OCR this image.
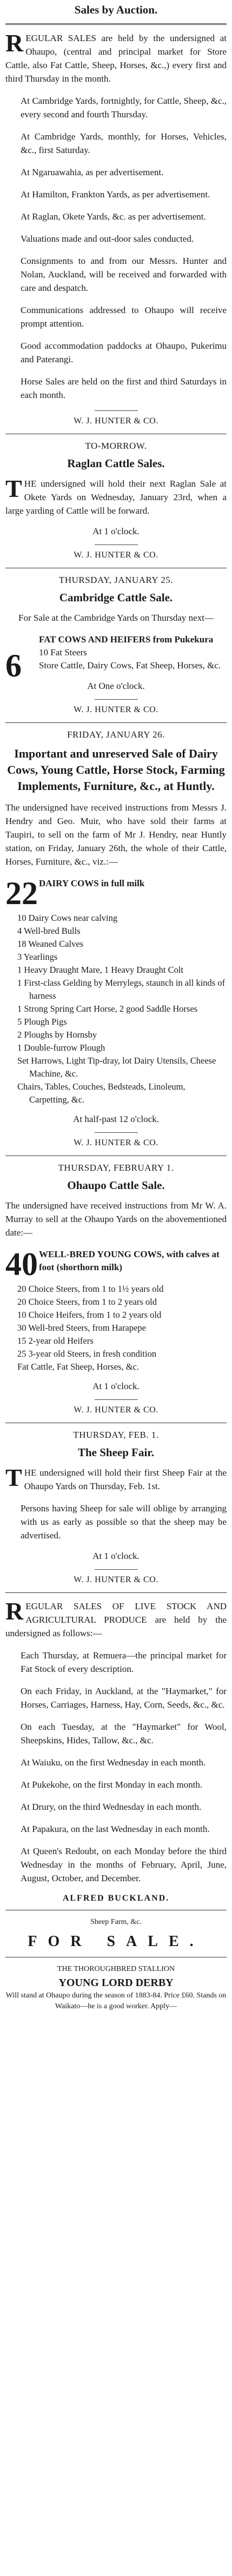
Sales by Auction.

REGULAR SALES are held by the undersigned at Ohaupo, (central and principal market for Store Cattle, also Fat Cattle, Sheep, Horses, &c.,) every first and third Thursday in the month.

At Cambridge Yards, fortnightly, for Cattle, Sheep, &c., every second and fourth Thursday.

At Cambridge Yards, monthly, for Horses, Vehicles, &c., first Saturday.

At Ngaruawahia, as per advertisement.

At Hamilton, Frankton Yards, as per advertisement.

At Raglan, Okete Yards, &c. as per advertisement.

Valuations made and out-door sales conducted.

Consignments to and from our Messrs. Hunter and Nolan, Auckland, will be received and forwarded with care and despatch.

Communications addressed to Ohaupo will receive prompt attention.

Good accommodation paddocks at Ohaupo, Pukerimu and Paterangi.

Horse Sales are held on the first and third Saturdays in each month.

W. J. HUNTER & CO.
TO-MORROW.
Raglan Cattle Sales.

THE undersigned will hold their next Raglan Sale at Okete Yards on Wednesday, January 23rd, when a large yarding of Cattle will be forward.

At 1 o'clock.
W. J. HUNTER & CO.
THURSDAY, JANUARY 25.
Cambridge Cattle Sale.

For Sale at the Cambridge Yards on Thursday next—

6
FAT COWS AND HEIFERS from Pukekura
10 Fat Steers
Store Cattle, Dairy Cows, Fat Sheep, Horses, &c.
At One o'clock.
W. J. HUNTER & CO.
FRIDAY, JANUARY 26.
Important and unreserved Sale of Dairy Cows, Young Cattle, Horse Stock, Farming Implements, Furniture, &c., at Huntly.

The undersigned have received instructions from Messrs J. Hendry and Geo. Muir, who have sold their farms at Taupiri, to sell on the farm of Mr J. Hendry, near Huntly station, on Friday, January 26th, the whole of their Cattle, Horses, Furniture, &c., viz.:—

22 DAIRY COWS in full milk

10 Dairy Cows near calving
4 Well-bred Bulls
18 Weaned Calves
3 Yearlings
1 Heavy Draught Mare, 1 Heavy Draught Colt
1 First-class Gelding by Merrylegs, staunch in all kinds of harness
1 Strong Spring Cart Horse, 2 good Saddle Horses
5 Plough Pigs
2 Ploughs by Hornsby
1 Double-furrow Plough
Set Harrows, Light Tip-dray, lot Dairy Utensils, Cheese Machine, &c.
Chairs, Tables, Couches, Bedsteads, Linoleum, Carpetting, &c.
At half-past 12 o'clock.
W. J. HUNTER & CO.
THURSDAY, FEBRUARY 1.
Ohaupo Cattle Sale.

The undersigned have received instructions from Mr W. A. Murray to sell at the Ohaupo Yards on the abovementioned date:—

40 WELL-BRED YOUNG COWS, with calves at foot (shorthorn milk)
20 Choice Steers, from 1 to 1½ years old
20 Choice Steers, from 1 to 2 years old
10 Choice Heifers, from 1 to 2 years old
30 Well-bred Steers, from Harapepe
15 2-year old Heifers
25 3-year old Steers, in fresh condition
Fat Cattle, Fat Sheep, Horses, &c.
At 1 o'clock.
W. J. HUNTER & CO.
THURSDAY, FEB. 1.
The Sheep Fair.

THE undersigned will hold their first Sheep Fair at the Ohaupo Yards on Thursday, Feb. 1st.

Persons having Sheep for sale will oblige by arranging with us as early as possible so that the sheep may be advertised.

At 1 o'clock.
W. J. HUNTER & CO.

REGULAR SALES OF LIVE STOCK AND AGRICULTURAL PRODUCE are held by the undersigned as follows:—

Each Thursday, at Remuera—the principal market for Fat Stock of every description.

On each Friday, in Auckland, at the "Haymarket," for Horses, Carriages, Harness, Hay, Corn, Seeds, &c., &c.

On each Tuesday, at the "Haymarket" for Wool, Sheepskins, Hides, Tallow, &c., &c.

At Waiuku, on the first Wednesday in each month.

At Pukekohe, on the first Monday in each month.

At Drury, on the third Wednesday in each month.

At Papakura, on the last Wednesday in each month.

At Queen's Redoubt, on each Monday before the third Wednesday in the months of February, April, June, August, October, and December.

ALFRED BUCKLAND.
Sheep Farm, &c.
FOR SALE.
THE THOROUGHBRED STALLION
YOUNG LORD DERBY
Will stand at Ohaupo during the season of 1883-84. Price £60. Stands on Waikato—he is a good worker. Apply—
